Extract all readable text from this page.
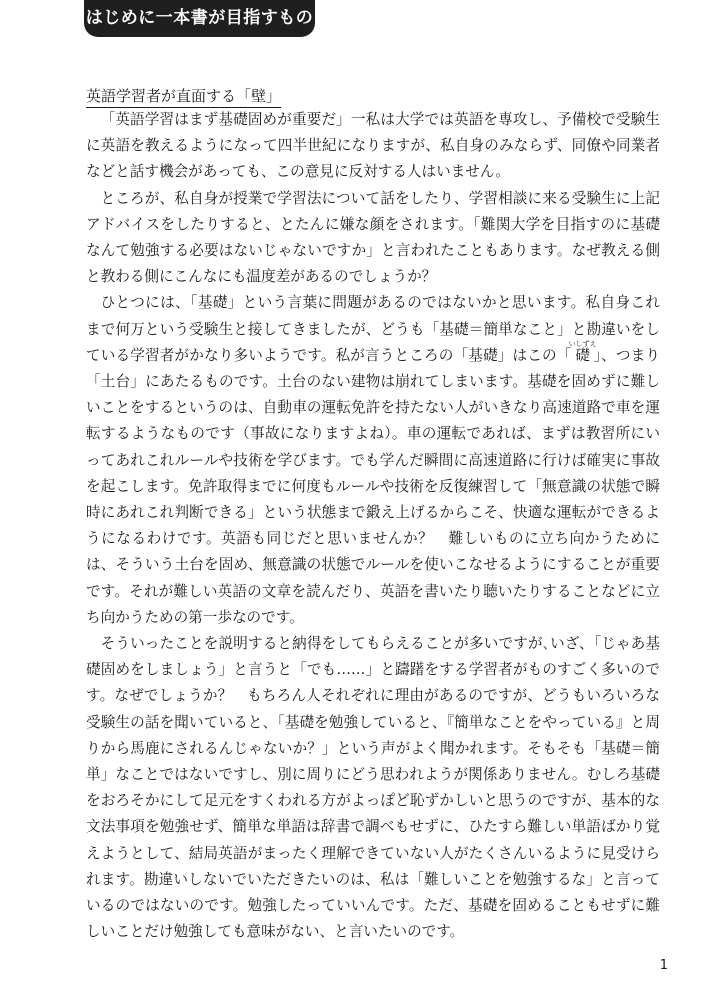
はじめに一本書が目指すもの
英語学習者が直面する「壁」

「英語学習はまず基礎固めが重要だ」一私は大学では英語を専攻し、予備校で受験生に英語を教えるようになって四半世紀になりますが、私自身のみならず、同僚や同業者などと話す機会があっても、この意見に反対する人はいません。

ところが、私自身が授業で学習法について話をしたり、学習相談に来る受験生に上記アドバイスをしたりすると、とたんに嫌な顔をされます。「難関大学を目指すのに基礎なんて勉強する必要はないじゃないですか」と言われたこともあります。なぜ教える側と教わる側にこんなにも温度差があるのでしょうか？

ひとつには、「基礎」という言葉に問題があるのではないかと思います。私自身これまで何万という受験生と接してきましたが、どうも「基礎＝簡単なこと」と勘違いをしている学習者がかなり多いようです。私が言うところの「基礎」はこの「礎いしずえ」、つまり「土台」にあたるものです。土台のない建物は崩れてしまいます。基礎を固めずに難しいことをするというのは、自動車の運転免許を持たない人がいきなり高速道路で車を運転するようなものです（事故になりますよね）。車の運転であれば、まずは教習所にいってあれこれルールや技術を学びます。でも学んだ瞬間に高速道路に行けば確実に事故を起こします。免許取得までに何度もルールや技術を反復練習して「無意識の状態で瞬時にあれこれ判断できる」という状態まで鍛え上げるからこそ、快適な運転ができるようになるわけです。英語も同じだと思いませんか？　難しいものに立ち向かうためには、そういう土台を固め、無意識の状態でルールを使いこなせるようにすることが重要です。それが難しい英語の文章を読んだり、英語を書いたり聴いたりすることなどに立ち向かうための第一歩なのです。

そういったことを説明すると納得をしてもらえることが多いですが､いざ、「じゃあ基礎固めをしましょう」と言うと「でも……」と躊躇をする学習者がものすごく多いのです。なぜでしょうか？　もちろん人それぞれに理由があるのですが、どうもいろいろな受験生の話を聞いていると、「基礎を勉強していると、『簡単なことをやっている』と周りから馬鹿にされるんじゃないか？」という声がよく聞かれます。そもそも「基礎＝簡単」なことではないですし、別に周りにどう思われようが関係ありません。むしろ基礎をおろそかにして足元をすくわれる方がよっぽど恥ずかしいと思うのですが、基本的な文法事項を勉強せず、簡単な単語は辞書で調べもせずに、ひたすら難しい単語ばかり覚えようとして、結局英語がまったく理解できていない人がたくさんいるように見受けられます。勘違いしないでいただきたいのは、私は「難しいことを勉強するな」と言っているのではないのです。勉強したっていいんです。ただ、基礎を固めることもせずに難しいことだけ勉強しても意味がない、と言いたいのです。

1
